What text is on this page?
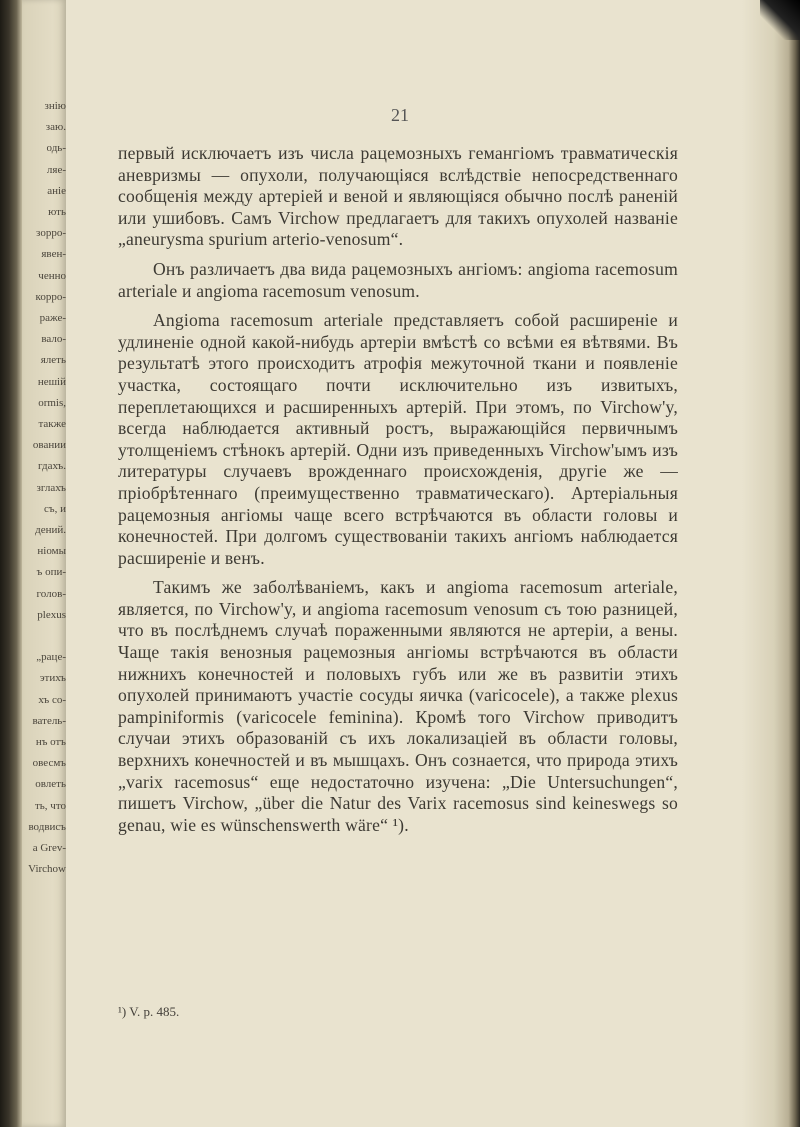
знію
заю.
одь-
ляе-
аніе
ють
зорро-
явен-
ченно
корро-
раже-
вало-
ялеть
нешій
ormis,
также
овании
гдахъ.
зглахъ
съ, и
дений.
ніомы
ъ опи-
голов-
plexus
„раце-
этихъ
хъ со-
ватель-
нъ отъ
овесмъ
овлеть
ть, что
водвисъ
а Grev-
Virchow
21

первый исключаетъ изъ числа рацемозныхъ гемангіомъ травматическія аневризмы — опухоли, получающіяся вслѣдствіе непосредственнаго сообщенія между артеріей и веной и являющіяся обычно послѣ раненій или ушибовъ. Самъ Virchow предлагаетъ для такихъ опухолей названіе „aneurysma spurium arterio-venosum“.

Онъ различаетъ два вида рацемозныхъ ангіомъ: angioma racemosum arteriale и angioma racemosum venosum.

Angioma racemosum arteriale представляетъ собой расширеніе и удлиненіе одной какой-нибудь артеріи вмѣстѣ со всѣми ея вѣтвями. Въ результатѣ этого происходитъ атрофія межуточной ткани и появленіе участка, состоящаго почти исключительно изъ извитыхъ, переплетающихся и расширенныхъ артерій. При этомъ, по Virchow'y, всегда наблюдается активный ростъ, выражающійся первичнымъ утолщеніемъ стѣнокъ артерій. Одни изъ приведенныхъ Virchow'ымъ изъ литературы случаевъ врожденнаго происхожденія, другіе же — пріобрѣтеннаго (преимущественно травматическаго). Артеріальныя рацемозныя ангіомы чаще всего встрѣчаются въ области головы и конечностей. При долгомъ существованіи такихъ ангіомъ наблюдается расширеніе и венъ.

Такимъ же заболѣваніемъ, какъ и angioma racemosum arteriale, является, по Virchow'y, и angioma racemosum venosum съ тою разницей, что въ послѣднемъ случаѣ пораженными являются не артеріи, а вены. Чаще такія венозныя рацемозныя ангіомы встрѣчаются въ области нижнихъ конечностей и половыхъ губъ или же въ развитіи этихъ опухолей принимаютъ участіе сосуды яичка (varicocele), а также plexus pampiniformis (varicocele feminina). Кромѣ того Virchow приводитъ случаи этихъ образованій съ ихъ локализаціей въ области головы, верхнихъ конечностей и въ мышцахъ. Онъ сознается, что природа этихъ „varix racemosus“ еще недостаточно изучена: „Die Untersuchungen“, пишетъ Virchow, „über die Natur des Varix racemosus sind keineswegs so genau, wie es wünschenswerth wäre“ ¹).

¹) V. p. 485.
